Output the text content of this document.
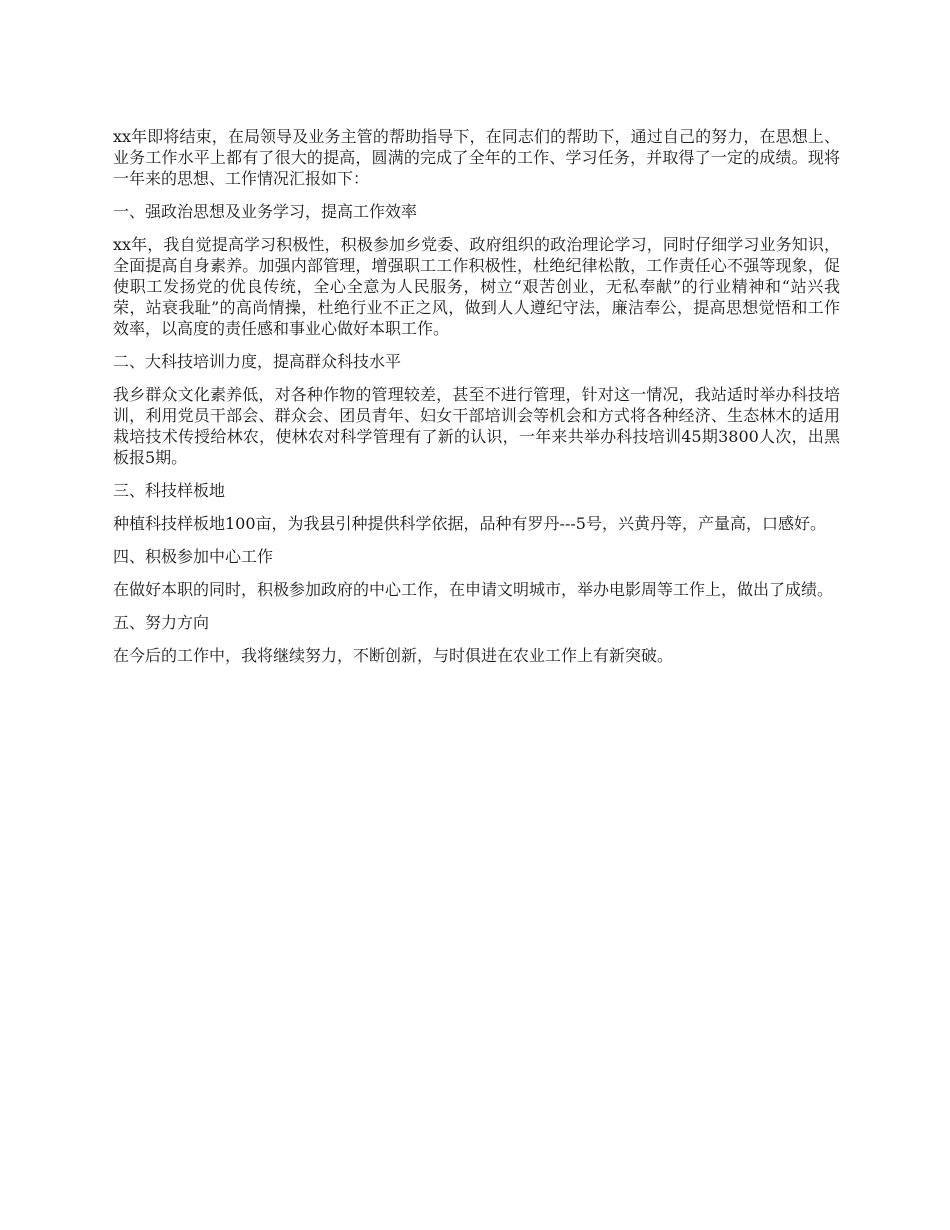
xx年即将结束，在局领导及业务主管的帮助指导下，在同志们的帮助下，通过自己的努力，在思想上、业务工作水平上都有了很大的提高，圆满的完成了全年的工作、学习任务，并取得了一定的成绩。现将一年来的思想、工作情况汇报如下：

一、强政治思想及业务学习，提高工作效率

xx年，我自觉提高学习积极性，积极参加乡党委、政府组织的政治理论学习，同时仔细学习业务知识，全面提高自身素养。加强内部管理，增强职工工作积极性，杜绝纪律松散，工作责任心不强等现象，促使职工发扬党的优良传统，全心全意为人民服务，树立“艰苦创业，无私奉献”的行业精神和“站兴我荣，站衰我耻”的高尚情操，杜绝行业不正之风，做到人人遵纪守法，廉洁奉公，提高思想觉悟和工作效率，以高度的责任感和事业心做好本职工作。

二、大科技培训力度，提高群众科技水平

我乡群众文化素养低，对各种作物的管理较差，甚至不进行管理，针对这一情况，我站适时举办科技培训，利用党员干部会、群众会、团员青年、妇女干部培训会等机会和方式将各种经济、生态林木的适用栽培技术传授给林农，使林农对科学管理有了新的认识，一年来共举办科技培训45期3800人次，出黑板报5期。

三、科技样板地

种植科技样板地100亩，为我县引种提供科学依据，品种有罗丹---5号，兴黄丹等，产量高，口感好。

四、积极参加中心工作

在做好本职的同时，积极参加政府的中心工作，在申请文明城市，举办电影周等工作上，做出了成绩。

五、努力方向

在今后的工作中，我将继续努力，不断创新，与时俱进在农业工作上有新突破。
